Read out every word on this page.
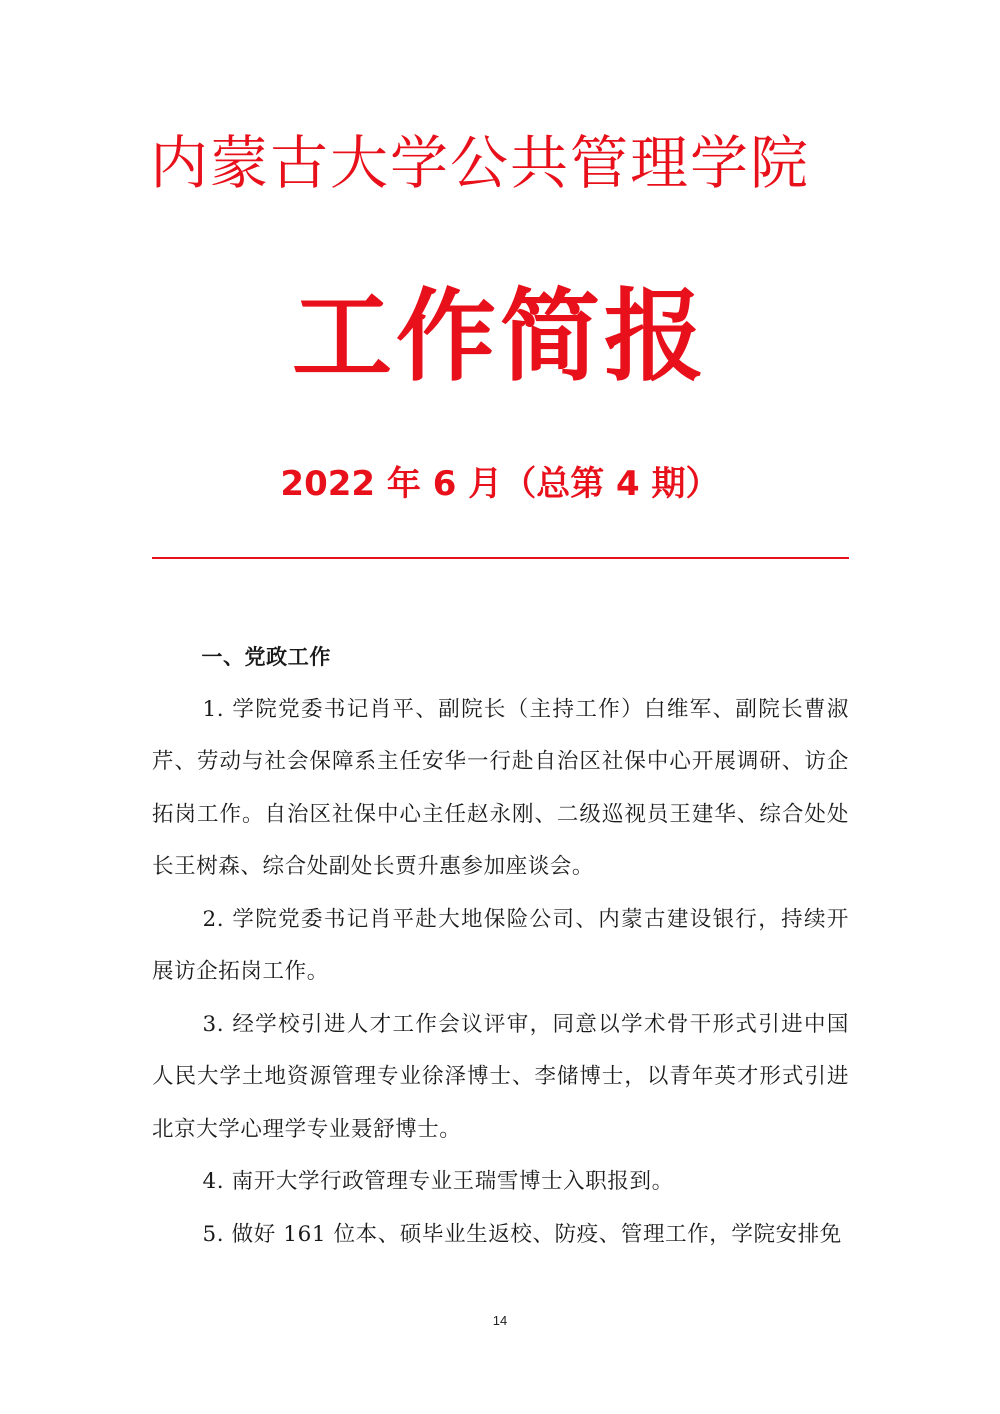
内蒙古大学公共管理学院
工作简报
2022 年 6 月（总第 4 期）

一、党政工作

1. 学院党委书记肖平、副院长（主持工作）白维军、副院长曹淑芹、劳动与社会保障系主任安华一行赴自治区社保中心开展调研、访企拓岗工作。自治区社保中心主任赵永刚、二级巡视员王建华、综合处处长王树森、综合处副处长贾升惠参加座谈会。

2. 学院党委书记肖平赴大地保险公司、内蒙古建设银行，持续开展访企拓岗工作。

3. 经学校引进人才工作会议评审，同意以学术骨干形式引进中国人民大学土地资源管理专业徐泽博士、李储博士，以青年英才形式引进北京大学心理学专业聂舒博士。

4. 南开大学行政管理专业王瑞雪博士入职报到。

5. 做好 161 位本、硕毕业生返校、防疫、管理工作，学院安排免

14
